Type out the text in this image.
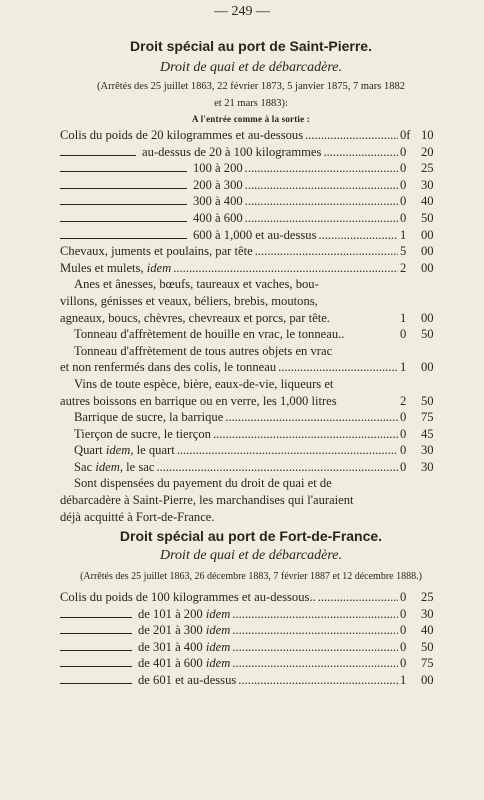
— 249 —
Droit spécial au port de Saint-Pierre.
Droit de quai et de débarcadère.
(Arrêtés des 25 juillet 1863, 22 février 1873, 5 janvier 1875, 7 mars 1882
et 21 mars 1883):
A l'entrée comme à la sortie :
Colis du poids de 20 kilogrammes et au-dessous .....	0f 10
au-dessus de 20 à 100 kilogrammes .....	0 20
100 à 200 .....	0 25
200 à 300 .....	0 30
300 à 400 .....	0 40
400 à 600 .....	0 50
600 à 1,000 et au-dessus .....	1 00
Chevaux, juments et poulains, par tête .....	5 00
Mules et mulets, idem .....	2 00
Anes et ânesses, bœufs, taureaux et vaches, bou-
villons, génisses et veaux, béliers, brebis, moutons,
agneaux, boucs, chèvres, chevreaux et porcs, par tête.	1 00
Tonneau d'affrètement de houille en vrac, le tonneau..	0 50
Tonneau d'affrètement de tous autres objets en vrac
et non renfermés dans des colis, le tonneau .....	1 00
Vins de toute espèce, bière, eaux-de-vie, liqueurs et
autres boissons en barrique ou en verre, les 1,000 litres	2 50
Barrique de sucre, la barrique .....	0 75
Tierçon de sucre, le tierçon .....	0 45
Quart idem, le quart .....	0 30
Sac idem, le sac .....	0 30
Sont dispensées du payement du droit de quai et de
débarcadère à Saint-Pierre, les marchandises qui l'auraient
déjà acquitté à Fort-de-France.
Droit spécial au port de Fort-de-France.
Droit de quai et de débarcadère.
(Arrêtés des 25 juillet 1863, 26 décembre 1883, 7 février 1887 et 12 décembre 1888.)
Colis du poids de 100 kilogrammes et au-dessous.. .....	0 25
de 101 à 200 idem .....	0 30
de 201 à 300 idem .....	0 40
de 301 à 400 idem .....	0 50
de 401 à 600 idem .....	0 75
de 601 et au-dessus .....	1 00
